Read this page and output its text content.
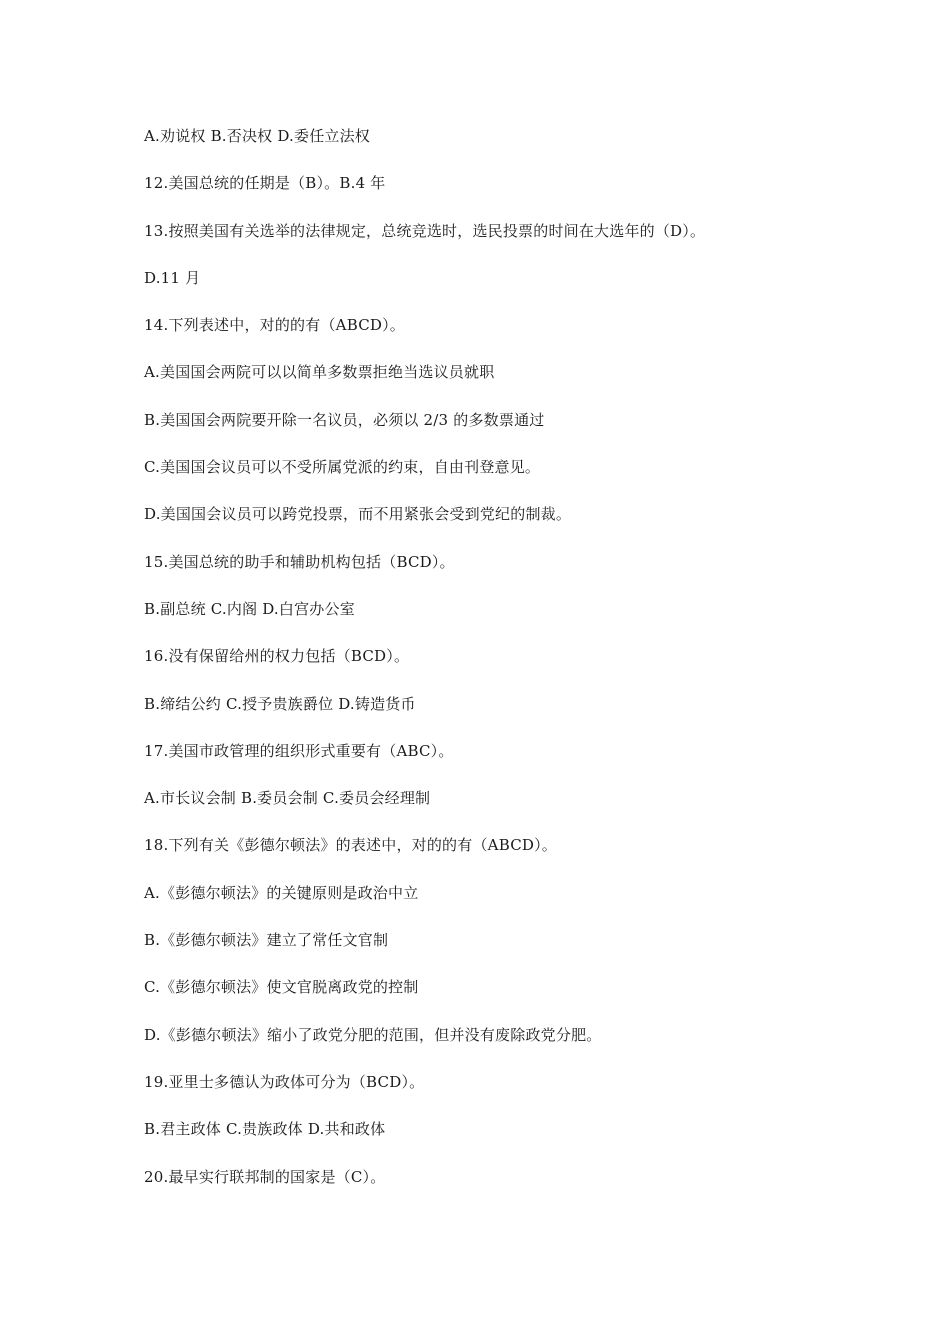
A.劝说权 B.否决权 D.委任立法权
12.美国总统的任期是（B）。B.4 年
13.按照美国有关选举的法律规定，总统竞选时，选民投票的时间在大选年的（D）。
D.11 月
14.下列表述中，对的的有（ABCD）。
A.美国国会两院可以以简单多数票拒绝当选议员就职
B.美国国会两院要开除一名议员，必须以 2/3 的多数票通过
C.美国国会议员可以不受所属党派的约束，自由刊登意见。
D.美国国会议员可以跨党投票，而不用紧张会受到党纪的制裁。
15.美国总统的助手和辅助机构包括（BCD）。
B.副总统 C.内阁 D.白宫办公室
16.没有保留给州的权力包括（BCD）。
B.缔结公约 C.授予贵族爵位 D.铸造货币
17.美国市政管理的组织形式重要有（ABC）。
A.市长议会制 B.委员会制 C.委员会经理制
18.下列有关《彭德尔顿法》的表述中，对的的有（ABCD）。
A.《彭德尔顿法》的关键原则是政治中立
B.《彭德尔顿法》建立了常任文官制
C.《彭德尔顿法》使文官脱离政党的控制
D.《彭德尔顿法》缩小了政党分肥的范围，但并没有废除政党分肥。
19.亚里士多德认为政体可分为（BCD）。
B.君主政体 C.贵族政体 D.共和政体
20.最早实行联邦制的国家是（C）。
